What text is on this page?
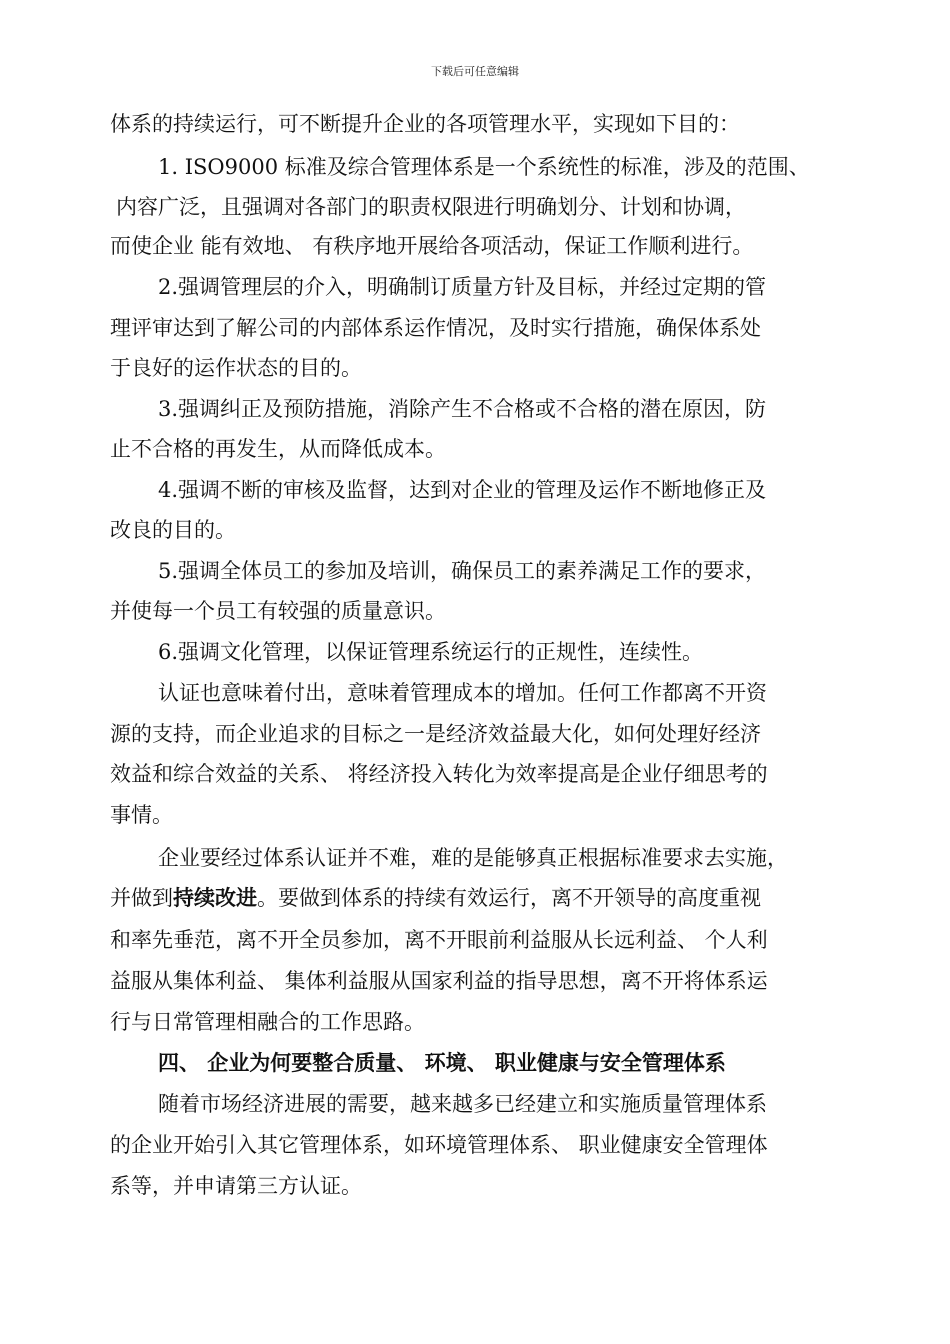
下载后可任意编辑
体系的持续运行，可不断提升企业的各项管理水平，实现如下目的：
1. ISO9000 标准及综合管理体系是一个系统性的标准，涉及的范围、
内容广泛，且强调对各部门的职责权限进行明确划分、计划和协调，
而使企业 能有效地、 有秩序地开展给各项活动，保证工作顺利进行。
2.强调管理层的介入，明确制订质量方针及目标，并经过定期的管
理评审达到了解公司的内部体系运作情况，及时实行措施，确保体系处
于良好的运作状态的目的。
3.强调纠正及预防措施，消除产生不合格或不合格的潜在原因，防
止不合格的再发生，从而降低成本。
4.强调不断的审核及监督，达到对企业的管理及运作不断地修正及
改良的目的。
5.强调全体员工的参加及培训，确保员工的素养满足工作的要求，
并使每一个员工有较强的质量意识。
6.强调文化管理，以保证管理系统运行的正规性，连续性。
认证也意味着付出，意味着管理成本的增加。任何工作都离不开资
源的支持，而企业追求的目标之一是经济效益最大化，如何处理好经济
效益和综合效益的关系、 将经济投入转化为效率提高是企业仔细思考的
事情。
企业要经过体系认证并不难，难的是能够真正根据标准要求去实施，
并做到持续改进。要做到体系的持续有效运行，离不开领导的高度重视
和率先垂范，离不开全员参加，离不开眼前利益服从长远利益、 个人利
益服从集体利益、 集体利益服从国家利益的指导思想，离不开将体系运
行与日常管理相融合的工作思路。
四、 企业为何要整合质量、 环境、 职业健康与安全管理体系
随着市场经济进展的需要，越来越多已经建立和实施质量管理体系
的企业开始引入其它管理体系，如环境管理体系、 职业健康安全管理体
系等，并申请第三方认证。
